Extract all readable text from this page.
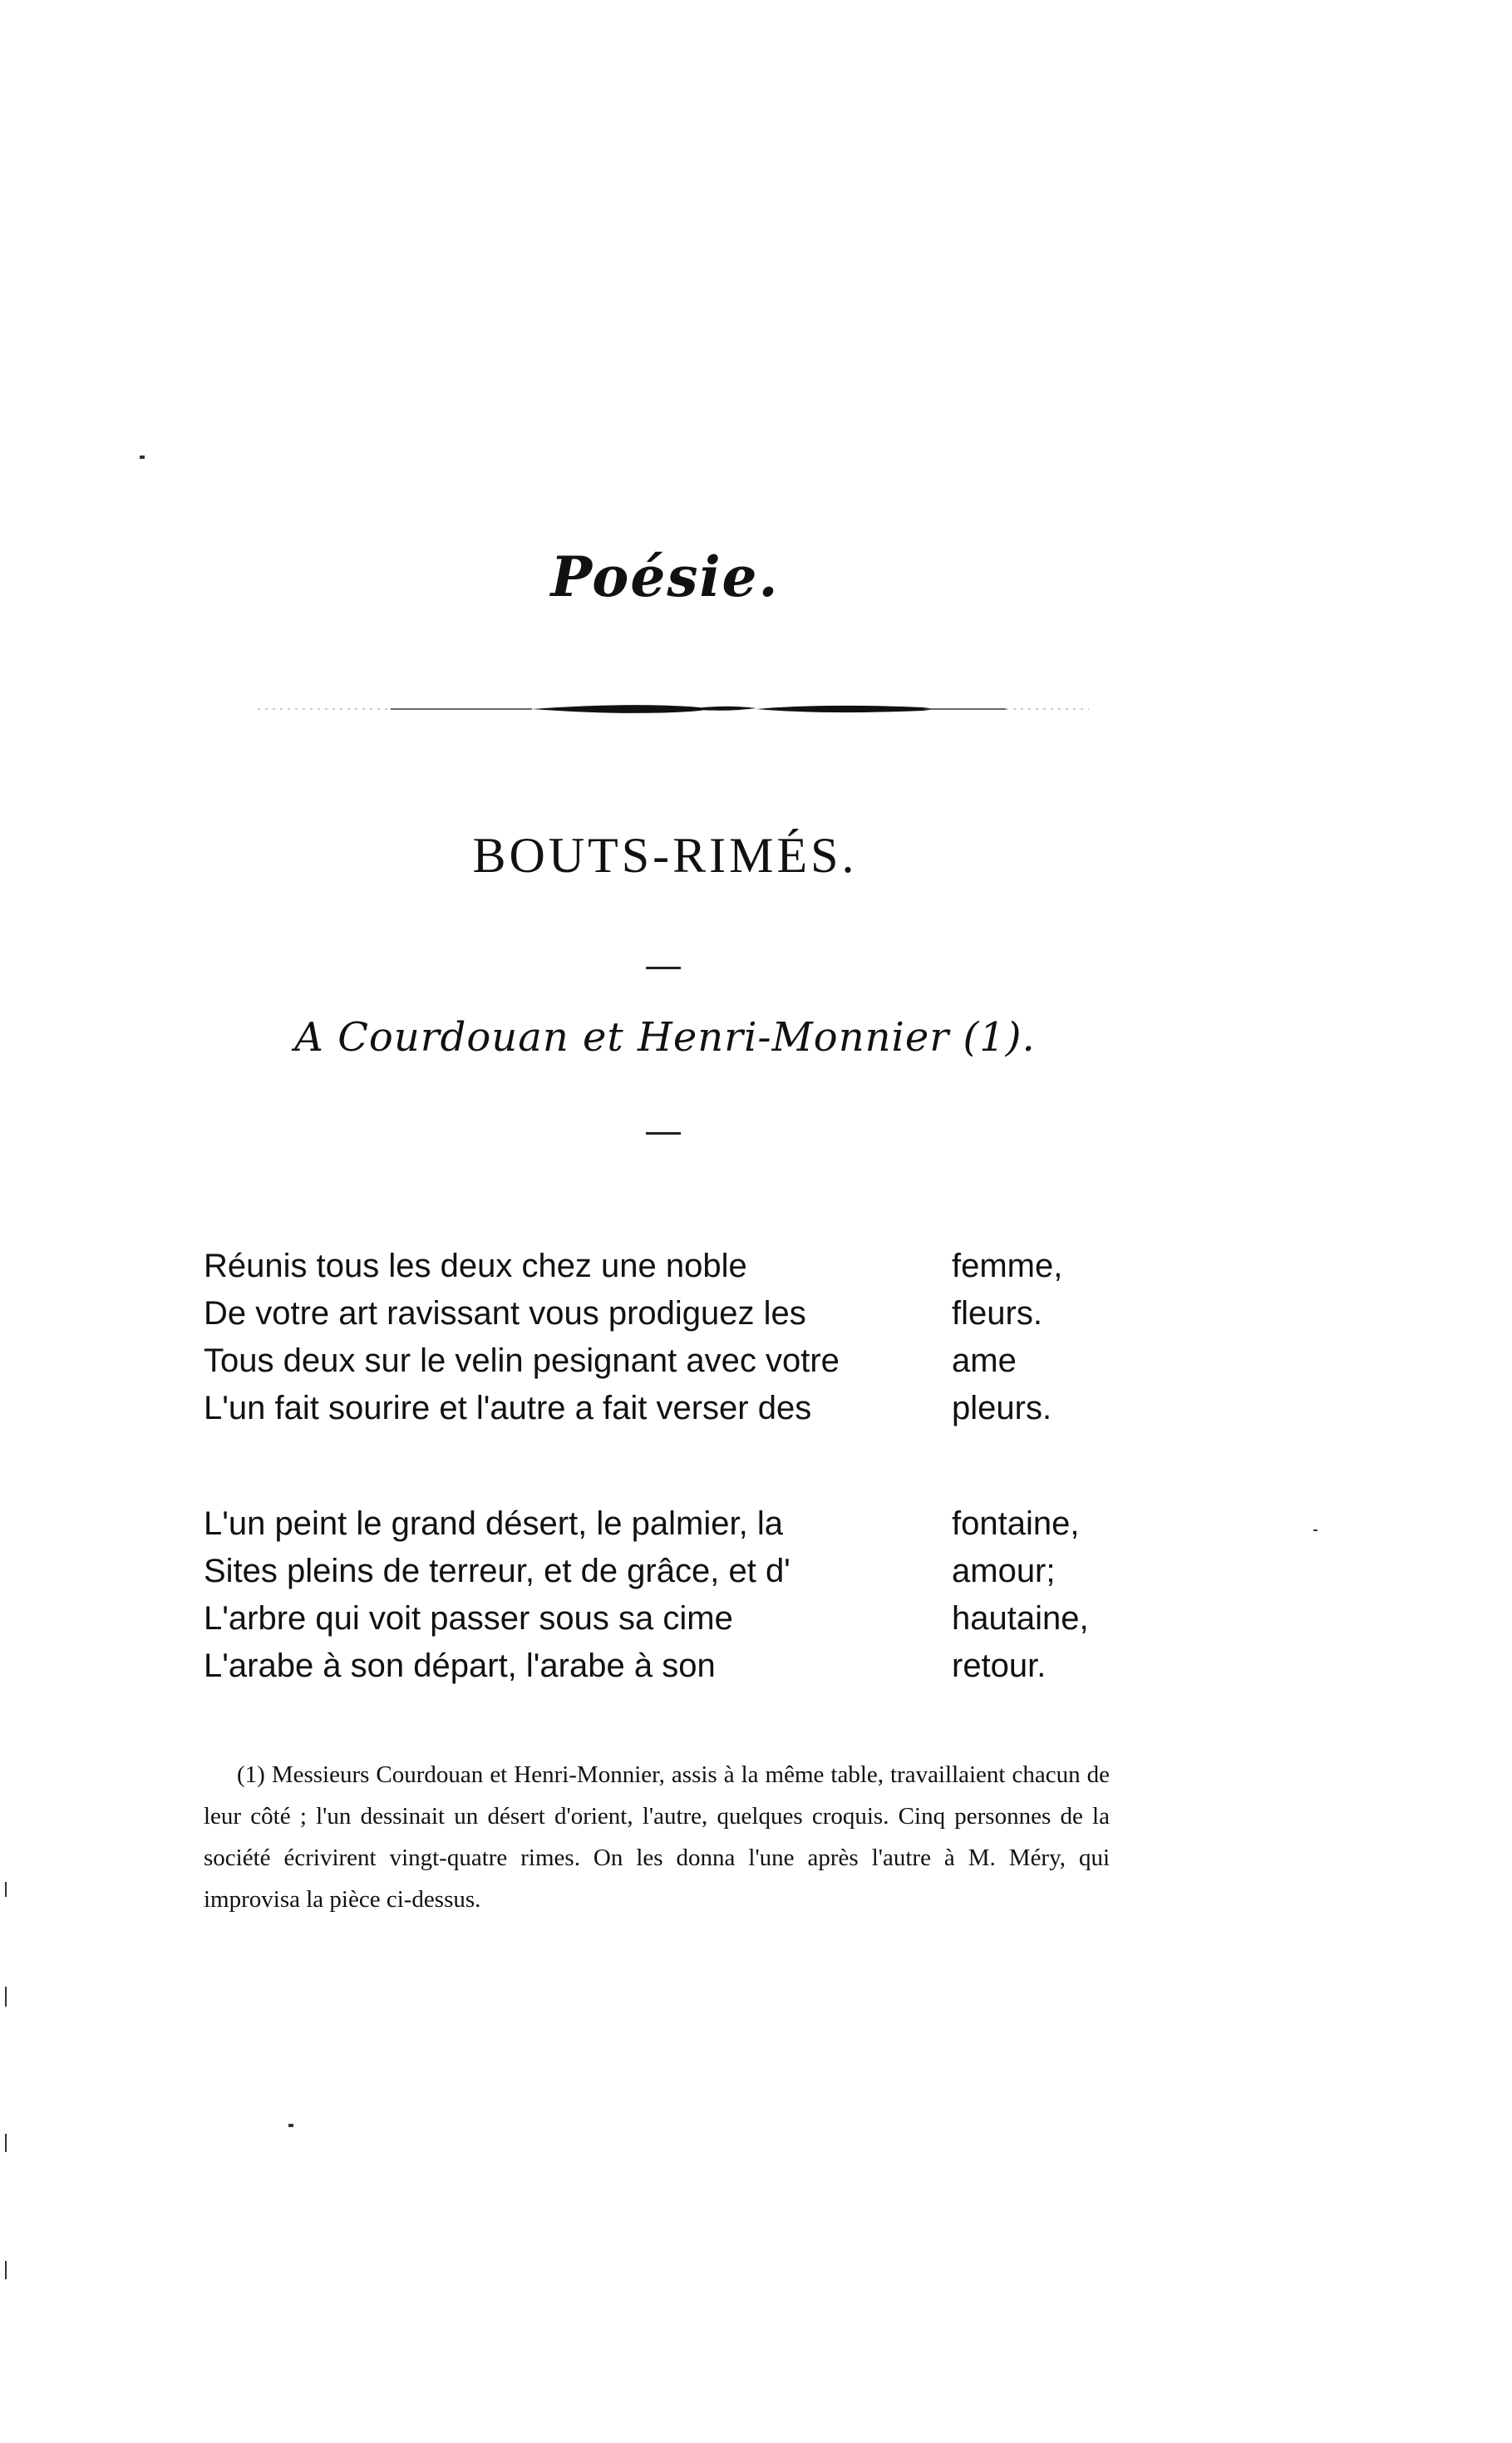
Poésie.
BOUTS-RIMÉS.
A Courdouan et Henri-Monnier (1).
Réunis tous les deux chez une noble	femme,
De votre art ravissant vous prodiguez les	fleurs.
Tous deux sur le velin pesignant avec votre	ame
L'un fait sourire et l'autre a fait verser des	pleurs.
L'un peint le grand désert, le palmier, la	fontaine,
Sites pleins de terreur, et de grâce, et d'	amour;
L'arbre qui voit passer sous sa cime	hautaine,
L'arabe à son départ, l'arabe à son	retour.

(1) Messieurs Courdouan et Henri-Monnier, assis à la même table, travaillaient chacun de leur côté ; l'un dessinait un désert d'orient, l'autre, quelques croquis. Cinq personnes de la société écrivirent vingt-quatre rimes. On les donna l'une après l'autre à M. Méry, qui improvisa la pièce ci-dessus.
